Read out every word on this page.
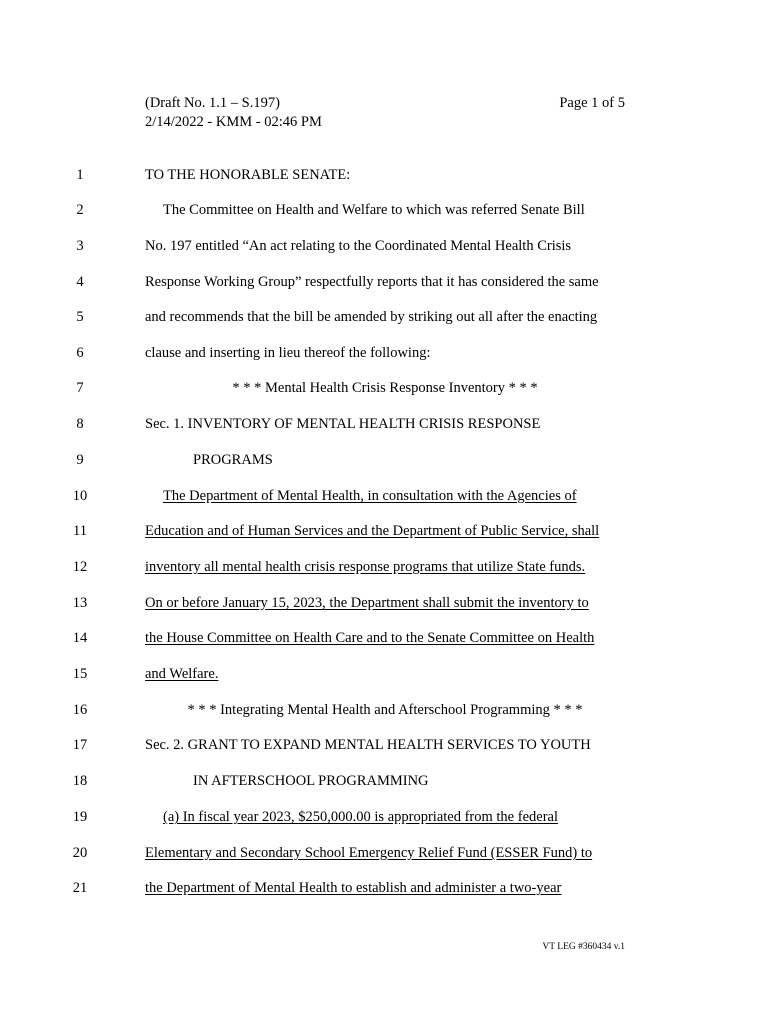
(Draft No. 1.1 – S.197)
2/14/2022 - KMM - 02:46 PM
Page 1 of 5
1	TO THE HONORABLE SENATE:
2	The Committee on Health and Welfare to which was referred Senate Bill
3	No. 197 entitled “An act relating to the Coordinated Mental Health Crisis
4	Response Working Group” respectfully reports that it has considered the same
5	and recommends that the bill be amended by striking out all after the enacting
6	clause and inserting in lieu thereof the following:
7	* * * Mental Health Crisis Response Inventory * * *
8	Sec. 1. INVENTORY OF MENTAL HEALTH CRISIS RESPONSE
9	PROGRAMS
10	The Department of Mental Health, in consultation with the Agencies of
11	Education and of Human Services and the Department of Public Service, shall
12	inventory all mental health crisis response programs that utilize State funds.
13	On or before January 15, 2023, the Department shall submit the inventory to
14	the House Committee on Health Care and to the Senate Committee on Health
15	and Welfare.
16	* * * Integrating Mental Health and Afterschool Programming * * *
17	Sec. 2. GRANT TO EXPAND MENTAL HEALTH SERVICES TO YOUTH
18	IN AFTERSCHOOL PROGRAMMING
19	(a) In fiscal year 2023, $250,000.00 is appropriated from the federal
20	Elementary and Secondary School Emergency Relief Fund (ESSER Fund) to
21	the Department of Mental Health to establish and administer a two-year
VT LEG #360434 v.1
